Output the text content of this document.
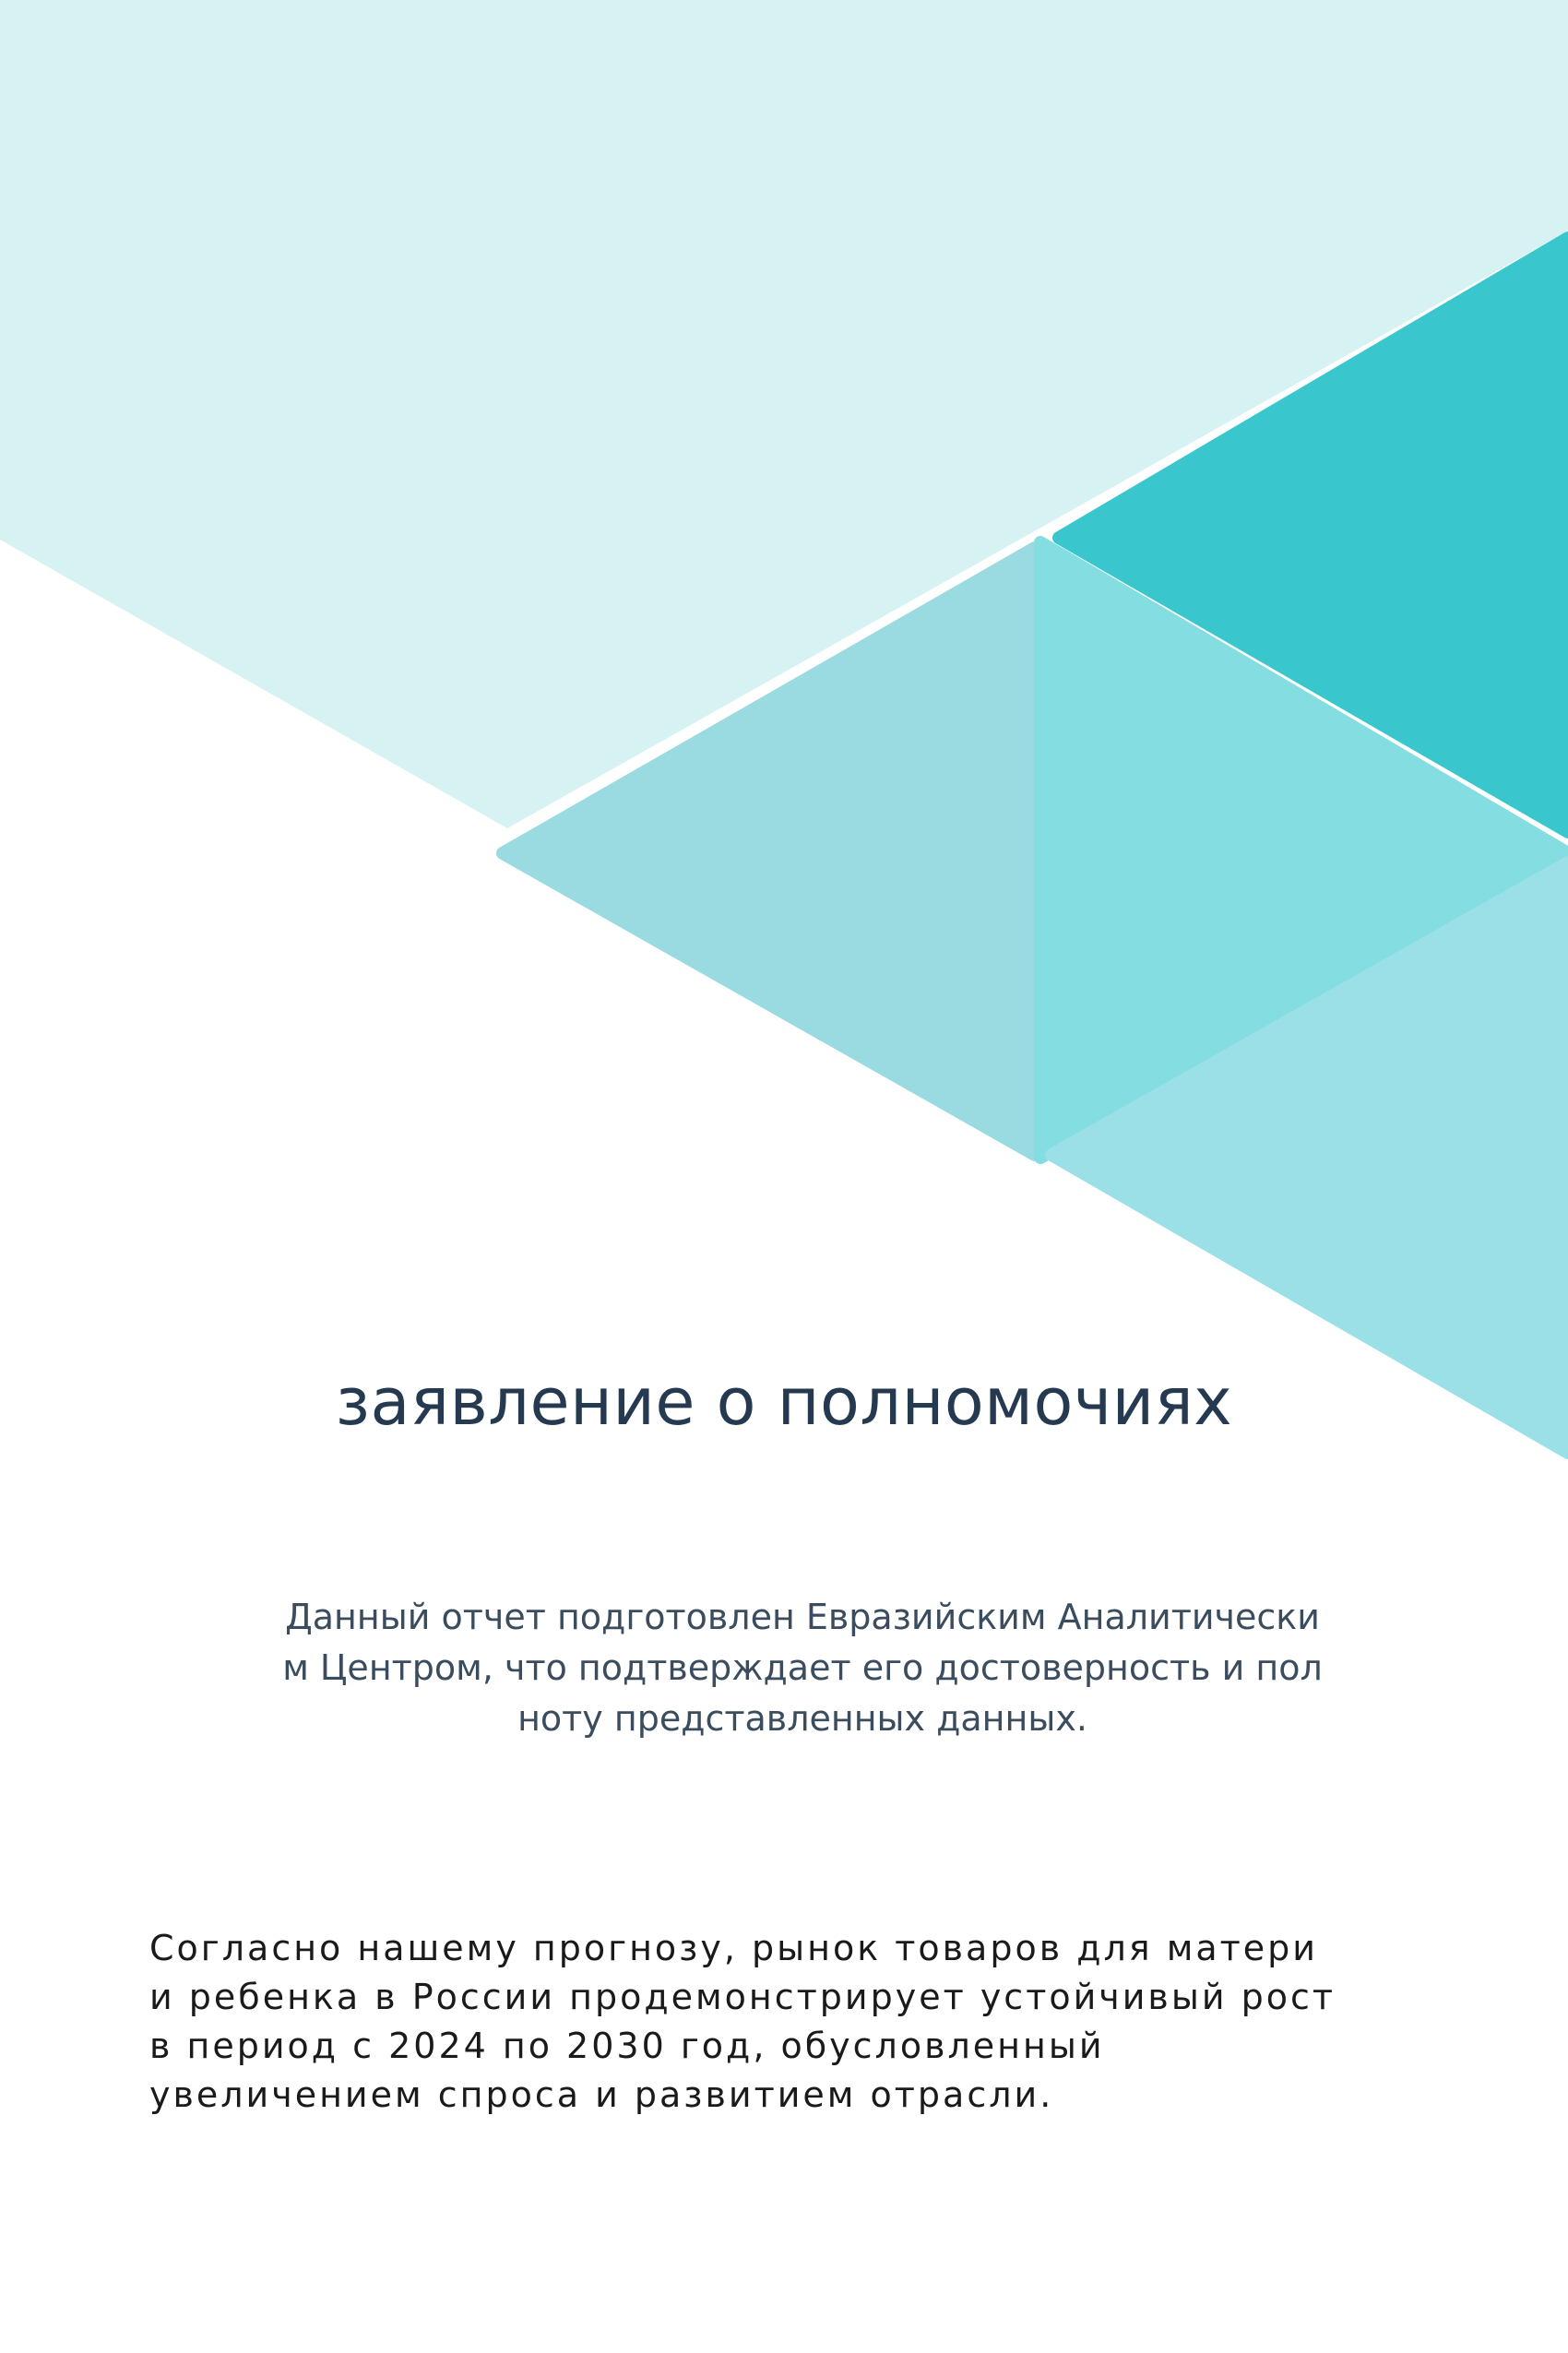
заявление о полномочиях

Данный отчет подготовлен Евразийским Аналитическим Центром, что подтверждает его достоверность и полноту представленных данных.

Согласно нашему прогнозу, рынок товаров для матери и ребенка в России продемонстрирует устойчивый рост в период с 2024 по 2030 год, обусловленный увеличением спроса и развитием отрасли.
